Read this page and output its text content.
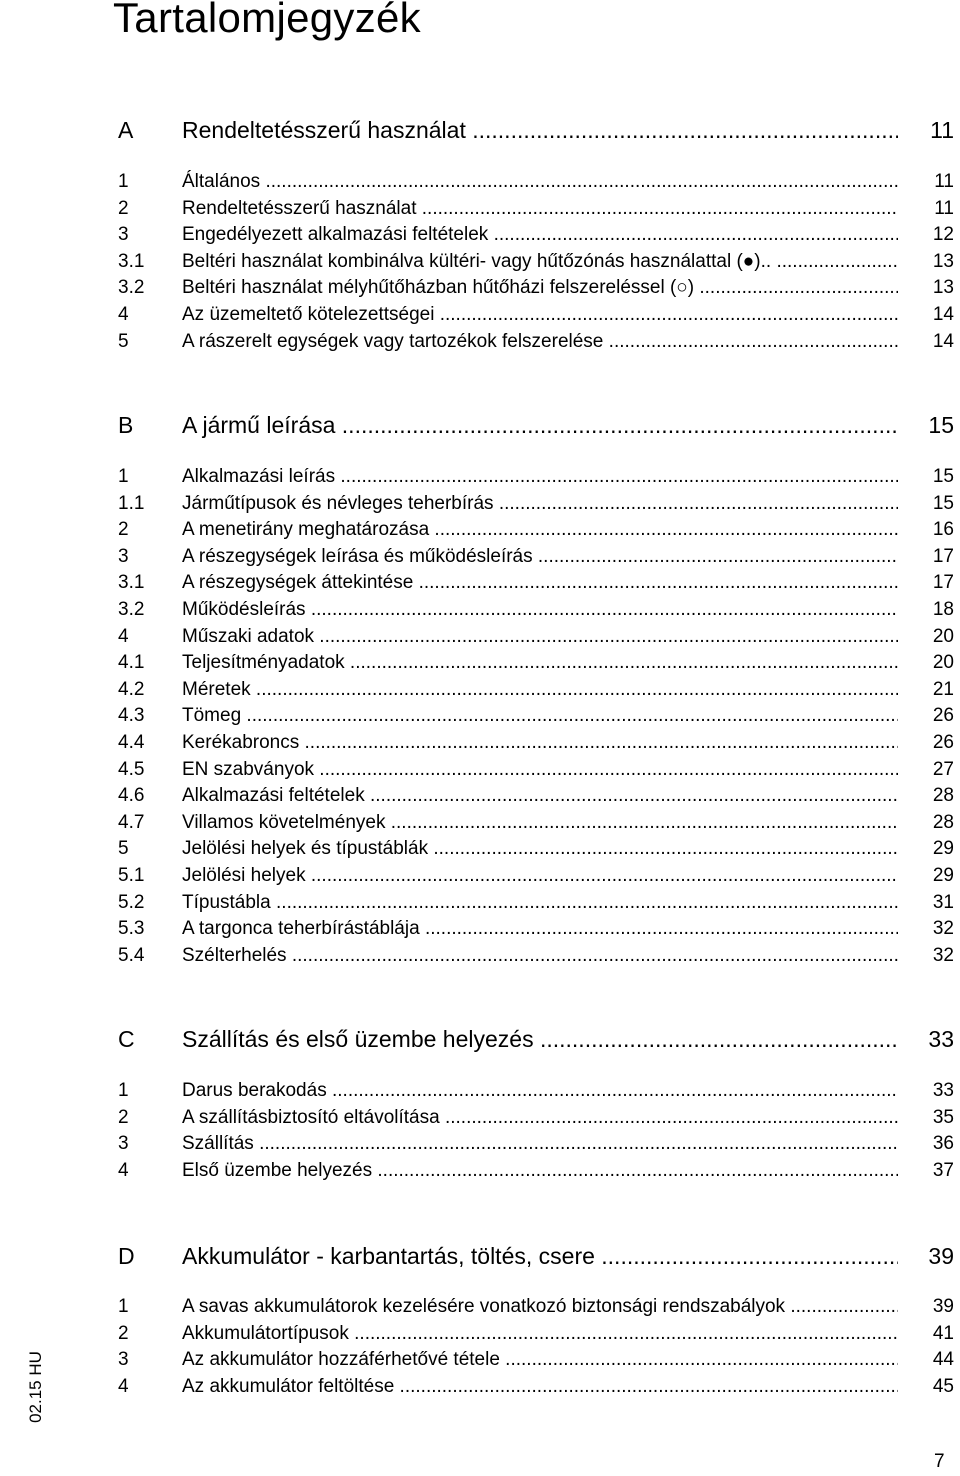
Tartalomjegyzék
A Rendeltetésszerű használat .....	11
1	Általános .....	11
2	Rendeltetésszerű használat .....	11
3	Engedélyezett alkalmazási feltételek .....	12
3.1 Beltéri használat kombinálva kültéri- vagy hűtőzónás használattal (●).. .....	13
3.2 Beltéri használat mélyhűtőházban hűtőházi felszereléssel (○) .....	13
4	Az üzemeltető kötelezettségei .....	14
5	A rászerelt egységek vagy tartozékok felszerelése .....	14
B A jármű leírása .....	15
1	Alkalmazási leírás .....	15
1.1 Járműtípusok és névleges teherbírás .....	15
2	A menetirány meghatározása .....	16
3	A részegységek leírása és működésleírás .....	17
3.1 A részegységek áttekintése .....	17
3.2 Működésleírás .....	18
4	Műszaki adatok .....	20
4.1 Teljesítményadatok .....	20
4.2 Méretek .....	21
4.3 Tömeg .....	26
4.4 Kerékabroncs .....	26
4.5 EN szabványok .....	27
4.6 Alkalmazási feltételek .....	28
4.7 Villamos követelmények .....	28
5	Jelölési helyek és típustáblák .....	29
5.1 Jelölési helyek .....	29
5.2 Típustábla .....	31
5.3 A targonca teherbírástáblája .....	32
5.4 Szélterhelés .....	32
C Szállítás és első üzembe helyezés .....	33
1	Darus berakodás .....	33
2	A szállításbiztosító eltávolítása .....	35
3	Szállítás .....	36
4	Első üzembe helyezés .....	37
D Akkumulátor - karbantartás, töltés, csere .....	39
1	A savas akkumulátorok kezelésére vonatkozó biztonsági rendszabályok .....	39
2	Akkumulátortípusok .....	41
3	Az akkumulátor hozzáférhetővé tétele .....	44
4	Az akkumulátor feltöltése .....	45
02.15 HU
7
